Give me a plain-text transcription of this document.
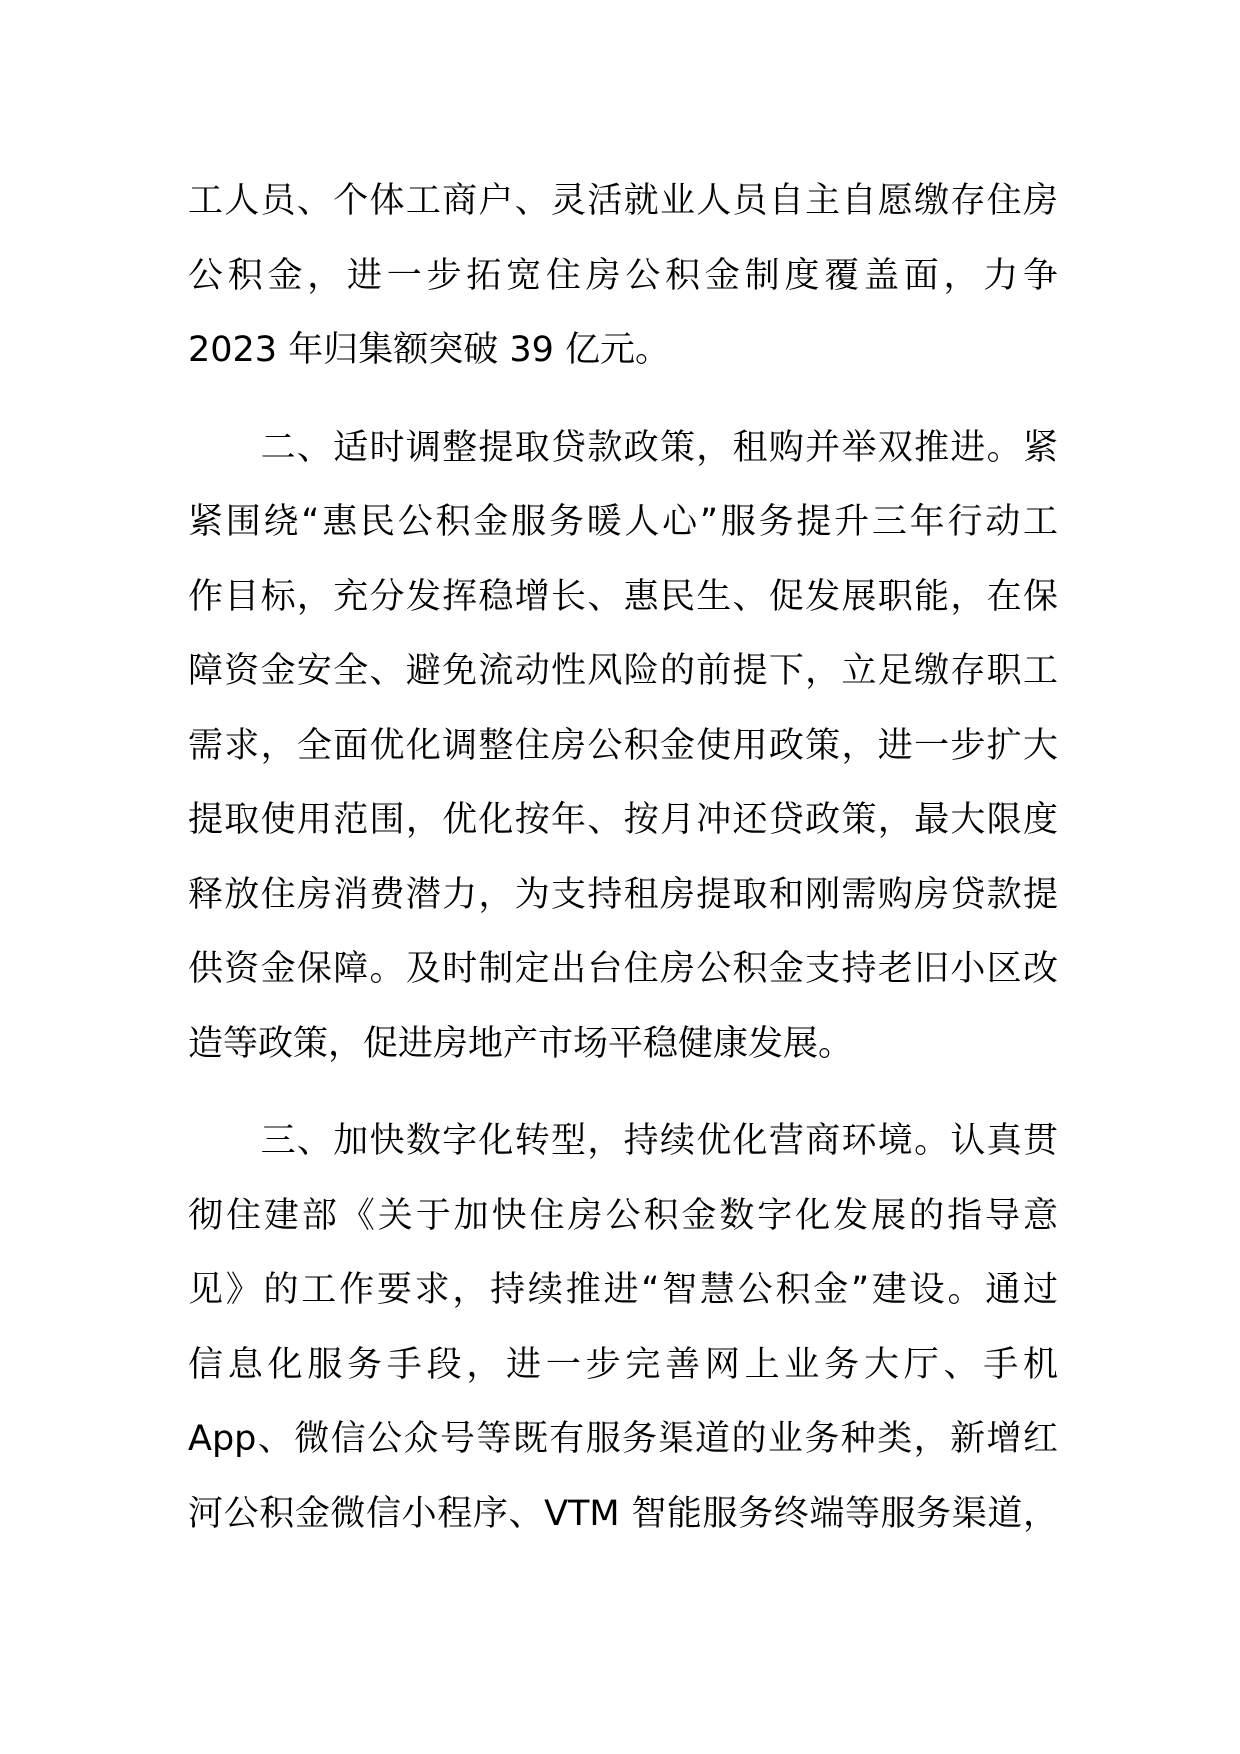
工人员、个体工商户、灵活就业人员自主自愿缴存住房
公积金，进一步拓宽住房公积金制度覆盖面，力争
2023 年归集额突破 39 亿元。

　　二、适时调整提取贷款政策，租购并举双推进。紧
紧围绕“惠民公积金服务暖人心”服务提升三年行动工
作目标，充分发挥稳增长、惠民生、促发展职能，在保
障资金安全、避免流动性风险的前提下，立足缴存职工
需求，全面优化调整住房公积金使用政策，进一步扩大
提取使用范围，优化按年、按月冲还贷政策，最大限度
释放住房消费潜力，为支持租房提取和刚需购房贷款提
供资金保障。及时制定出台住房公积金支持老旧小区改
造等政策，促进房地产市场平稳健康发展。

　　三、加快数字化转型，持续优化营商环境。认真贯
彻住建部《关于加快住房公积金数字化发展的指导意
见》的工作要求，持续推进“智慧公积金”建设。通过
信息化服务手段，进一步完善网上业务大厅、手机
App、微信公众号等既有服务渠道的业务种类，新增红
河公积金微信小程序、VTM 智能服务终端等服务渠道，
